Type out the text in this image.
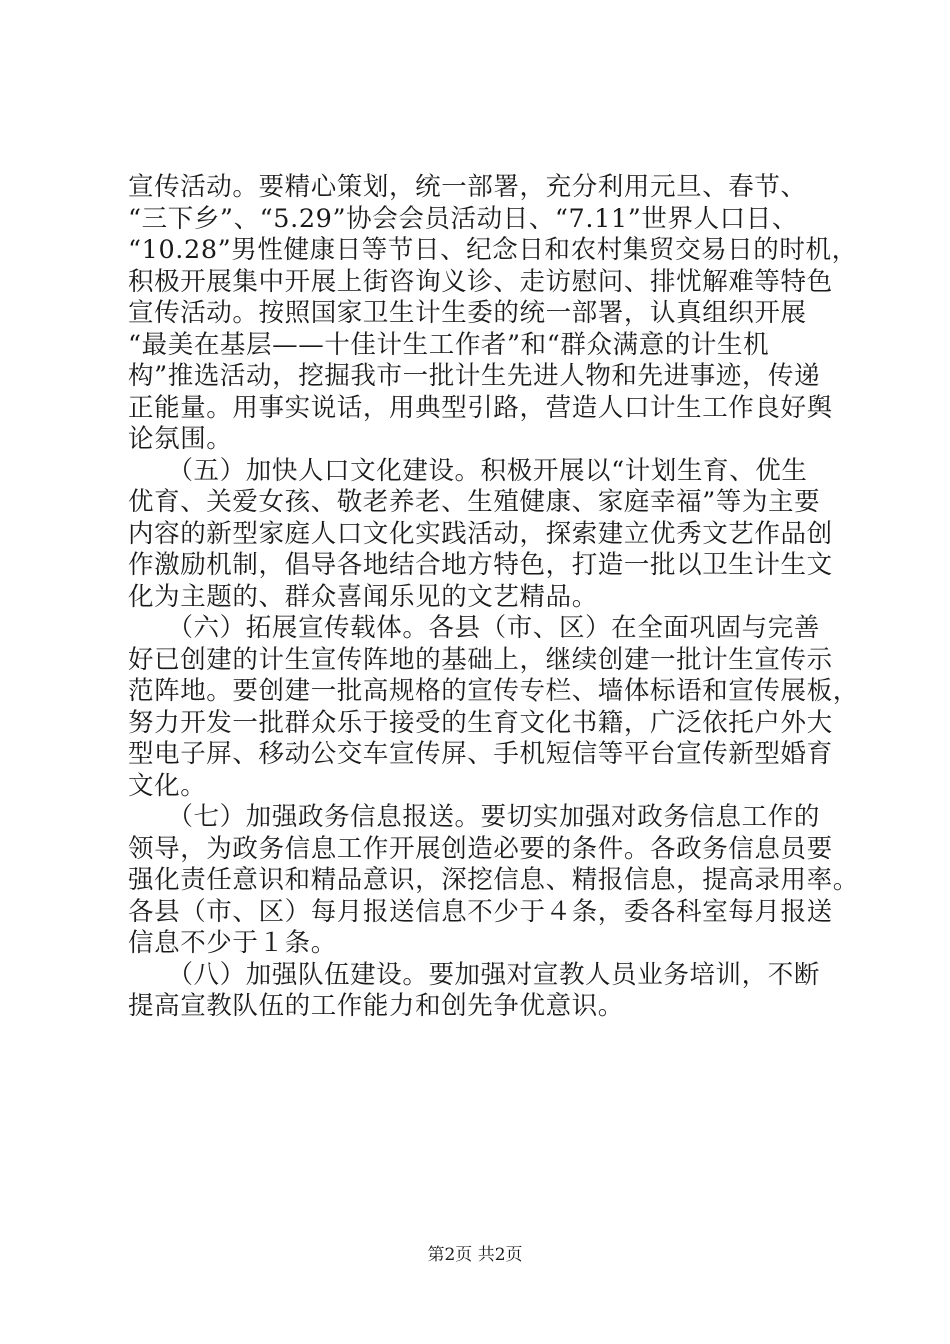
宣传活动。要精心策划，统一部署，充分利用元旦、春节、
“三下乡”、“5.29”协会会员活动日、“7.11”世界人口日、
“10.28”男性健康日等节日、纪念日和农村集贸交易日的时机，
积极开展集中开展上街咨询义诊、走访慰问、排忧解难等特色
宣传活动。按照国家卫生计生委的统一部署，认真组织开展
“最美在基层——十佳计生工作者”和“群众满意的计生机
构”推选活动，挖掘我市一批计生先进人物和先进事迹，传递
正能量。用事实说话，用典型引路，营造人口计生工作良好舆
论氛围。
　　（五）加快人口文化建设。积极开展以“计划生育、优生
优育、关爱女孩、敬老养老、生殖健康、家庭幸福”等为主要
内容的新型家庭人口文化实践活动，探索建立优秀文艺作品创
作激励机制，倡导各地结合地方特色，打造一批以卫生计生文
化为主题的、群众喜闻乐见的文艺精品。
　　（六）拓展宣传载体。各县（市、区）在全面巩固与完善
好已创建的计生宣传阵地的基础上，继续创建一批计生宣传示
范阵地。要创建一批高规格的宣传专栏、墙体标语和宣传展板，
努力开发一批群众乐于接受的生育文化书籍，广泛依托户外大
型电子屏、移动公交车宣传屏、手机短信等平台宣传新型婚育
文化。
　　（七）加强政务信息报送。要切实加强对政务信息工作的
领导，为政务信息工作开展创造必要的条件。各政务信息员要
强化责任意识和精品意识，深挖信息、精报信息，提高录用率。
各县（市、区）每月报送信息不少于４条，委各科室每月报送
信息不少于１条。
　　（八）加强队伍建设。要加强对宣教人员业务培训，不断
提高宣教队伍的工作能力和创先争优意识。
第2页 共2页
